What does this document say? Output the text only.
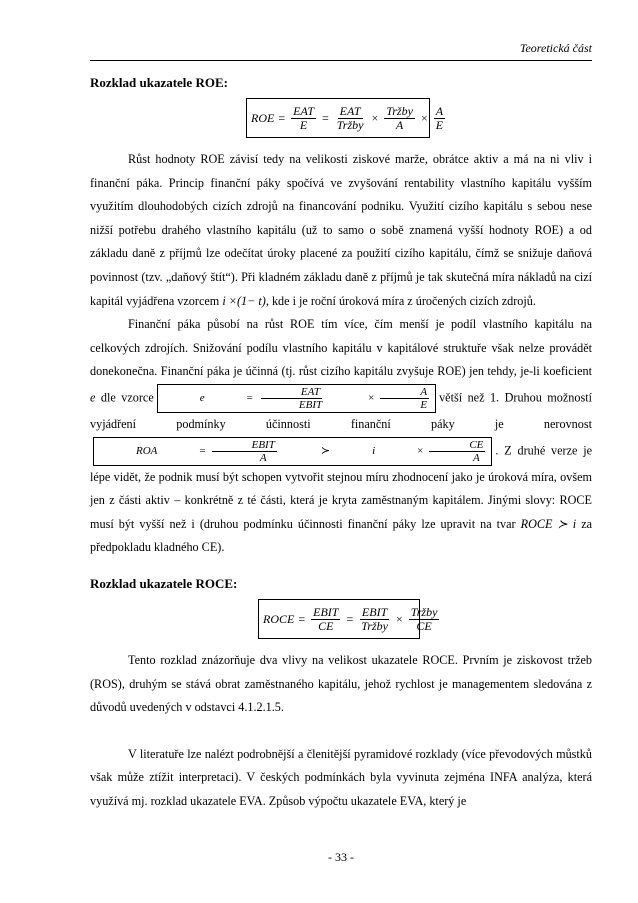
Teoretická část
Rozklad ukazatele ROE:
ROE = $\frac{\text{EAT}}{E} = \frac{\text{EAT}}{\text{Tržby}} \times \frac{\text{Tržby}}{A} \times \frac{A}{E}$

Růst hodnoty ROE závisí tedy na velikosti ziskové marže, obrátce aktiv a má na ni vliv i finanční páka. Princip finanční páky spočívá ve zvyšování rentability vlastního kapitálu vyšším využitím dlouhodobých cizích zdrojů na financování podniku. Využití cizího kapitálu s sebou nese nižší potřebu drahého vlastního kapitálu (už to samo o sobě znamená vyšší hodnoty ROE) a od základu daně z příjmů lze odečítat úroky placené za použití cizího kapitálu, čímž se snižuje daňová povinnost (tzv. „daňový štít“). Při kladném základu daně z příjmů je tak skutečná míra nákladů na cizí kapitál vyjádřena vzorcem i ×(1− t), kde i je roční úroková míra z úročených cizích zdrojů.

Finanční páka působí na růst ROE tím více, čím menší je podíl vlastního kapitálu na celkových zdrojích. Snižování podílu vlastního kapitálu v kapitálové struktuře však nelze provádět donekonečna. Finanční páka je účinná (tj. růst cizího kapitálu zvyšuje ROE) jen tehdy, je-li koeficient e dle vzorce	e	= $\frac{\text{EAT}}{\text{EBIT}}$	× $\frac{A}{E}$ větší než 1. Druhou možností vyjádření podmínky účinnosti finanční páky je nerovnost
ROA	= $\frac{\text{EBIT}}{A}$	≻	i	× $\frac{CE}{A}$ . Z druhé verze je lépe vidět, že podnik musí být schopen vytvořit stejnou míru zhodnocení jako je úroková míra, ovšem jen z části aktiv – konkrétně z té části, která je kryta zaměstnaným kapitálem. Jinými slovy: ROCE musí být vyšší než i (druhou podmínku účinnosti finanční páky lze upravit na tvar ROCE ≻ i za předpokladu kladného CE).

Rozklad ukazatele ROCE:
ROCE = $\frac{\text{EBIT}}{CE} = \frac{\text{EBIT}}{\text{Tržby}} \times \frac{\text{Tržby}}{CE}$

Tento rozklad znázorňuje dva vlivy na velikost ukazatele ROCE. Prvním je ziskovost tržeb (ROS), druhým se stává obrat zaměstnaného kapitálu, jehož rychlost je managementem sledována z důvodů uvedených v odstavci 4.1.2.1.5.

V literatuře lze nalézt podrobnější a členitější pyramidové rozklady (více převodových můstků však může ztížit interpretaci). V českých podmínkách byla vyvinuta zejména INFA analýza, která využívá mj. rozklad ukazatele EVA. Způsob výpočtu ukazatele EVA, který je

- 33 -
